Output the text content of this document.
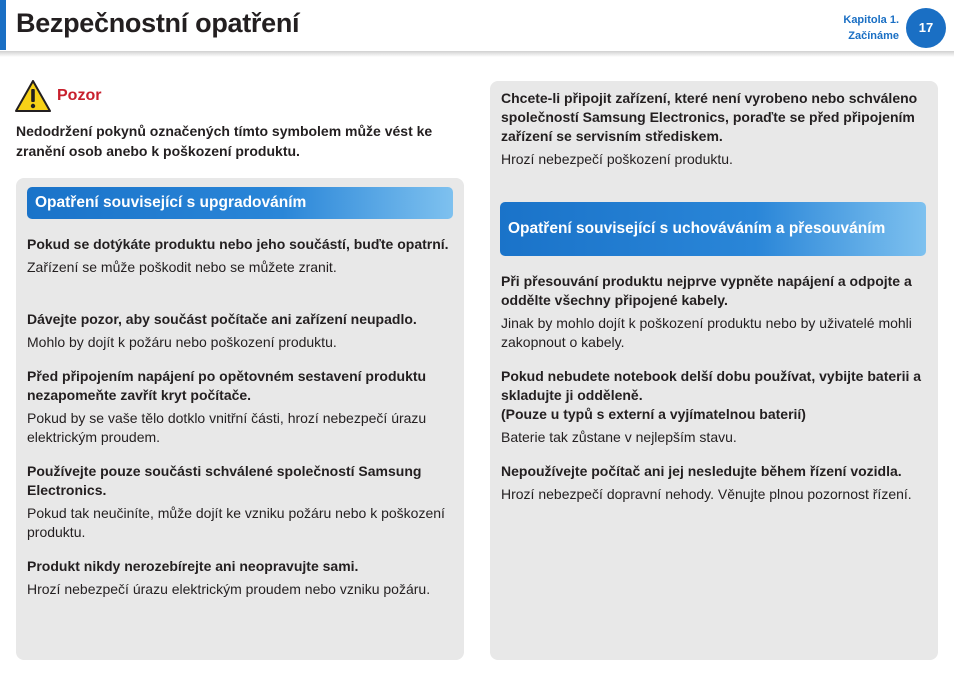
Bezpečnostní opatření	Kapitola 1.
Začínáme
17
Pozor
Nedodržení pokynů označených tímto symbolem může vést ke zranění osob anebo k poškození produktu.
Opatření související s upgradováním
Pokud se dotýkáte produktu nebo jeho součástí, buďte opatrní.
Zařízení se může poškodit nebo se můžete zranit.
Dávejte pozor, aby součást počítače ani zařízení neupadlo.
Mohlo by dojít k požáru nebo poškození produktu.
Před připojením napájení po opětovném sestavení produktu nezapomeňte zavřít kryt počítače.
Pokud by se vaše tělo dotklo vnitřní části, hrozí nebezpečí úrazu elektrickým proudem.
Používejte pouze součásti schválené společností Samsung Electronics.
Pokud tak neučiníte, může dojít ke vzniku požáru nebo k poškození produktu.
Produkt nikdy nerozebírejte ani neopravujte sami.
Hrozí nebezpečí úrazu elektrickým proudem nebo vzniku požáru.
Chcete-li připojit zařízení, které není vyrobeno nebo schváleno společností Samsung Electronics, poraďte se před připojením zařízení se servisním střediskem.
Hrozí nebezpečí poškození produktu.
Opatření související s uchováváním a přesouváním
Při přesouvání produktu nejprve vypněte napájení a odpojte a oddělte všechny připojené kabely.
Jinak by mohlo dojít k poškození produktu nebo by uživatelé mohli zakopnout o kabely.
Pokud nebudete notebook delší dobu používat, vybijte baterii a skladujte ji odděleně.
(Pouze u typů s externí a vyjímatelnou baterií)
Baterie tak zůstane v nejlepším stavu.
Nepoužívejte počítač ani jej nesledujte během řízení vozidla.
Hrozí nebezpečí dopravní nehody. Věnujte plnou pozornost řízení.
